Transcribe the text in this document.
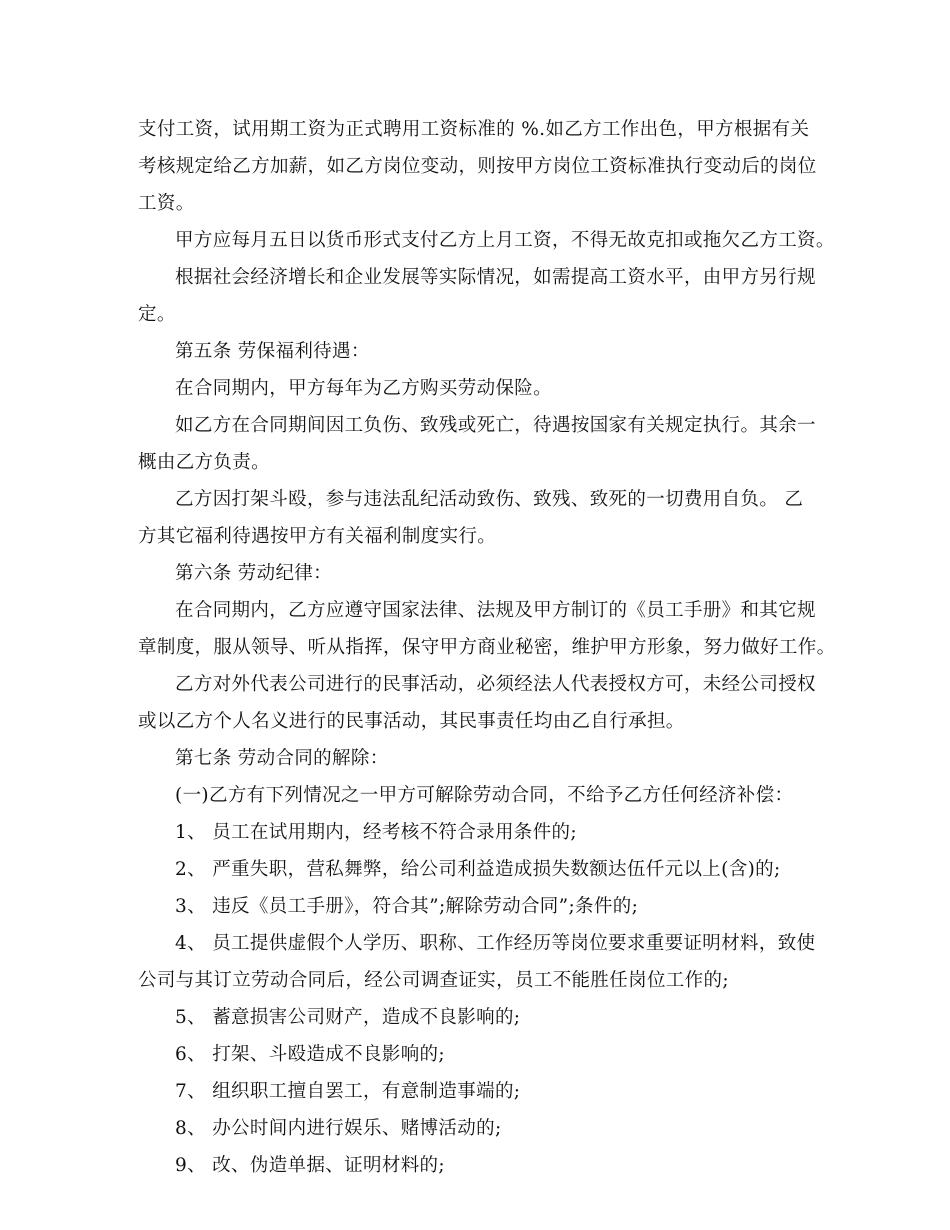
支付工资，试用期工资为正式聘用工资标准的 %.如乙方工作出色，甲方根据有关
考核规定给乙方加薪，如乙方岗位变动，则按甲方岗位工资标准执行变动后的岗位
工资。
甲方应每月五日以货币形式支付乙方上月工资，不得无故克扣或拖欠乙方工资。
根据社会经济增长和企业发展等实际情况，如需提高工资水平，由甲方另行规
定。
第五条 劳保福利待遇：
在合同期内，甲方每年为乙方购买劳动保险。
如乙方在合同期间因工负伤、致残或死亡，待遇按国家有关规定执行。其余一
概由乙方负责。
乙方因打架斗殴，参与违法乱纪活动致伤、致残、致死的一切费用自负。 乙
方其它福利待遇按甲方有关福利制度实行。
第六条 劳动纪律：
在合同期内，乙方应遵守国家法律、法规及甲方制订的《员工手册》和其它规
章制度，服从领导、听从指挥，保守甲方商业秘密，维护甲方形象，努力做好工作。
乙方对外代表公司进行的民事活动，必须经法人代表授权方可，未经公司授权
或以乙方个人名义进行的民事活动，其民事责任均由乙自行承担。
第七条 劳动合同的解除：
(一)乙方有下列情况之一甲方可解除劳动合同，不给予乙方任何经济补偿：
1、 员工在试用期内，经考核不符合录用条件的;
2、 严重失职，营私舞弊，给公司利益造成损失数额达伍仟元以上(含)的;
3、 违反《员工手册》，符合其”;解除劳动合同”;条件的;
4、 员工提供虚假个人学历、职称、工作经历等岗位要求重要证明材料，致使
公司与其订立劳动合同后，经公司调查证实，员工不能胜任岗位工作的;
5、 蓄意损害公司财产，造成不良影响的;
6、 打架、斗殴造成不良影响的;
7、 组织职工擅自罢工，有意制造事端的;
8、 办公时间内进行娱乐、赌博活动的;
9、 改、伪造单据、证明材料的;
